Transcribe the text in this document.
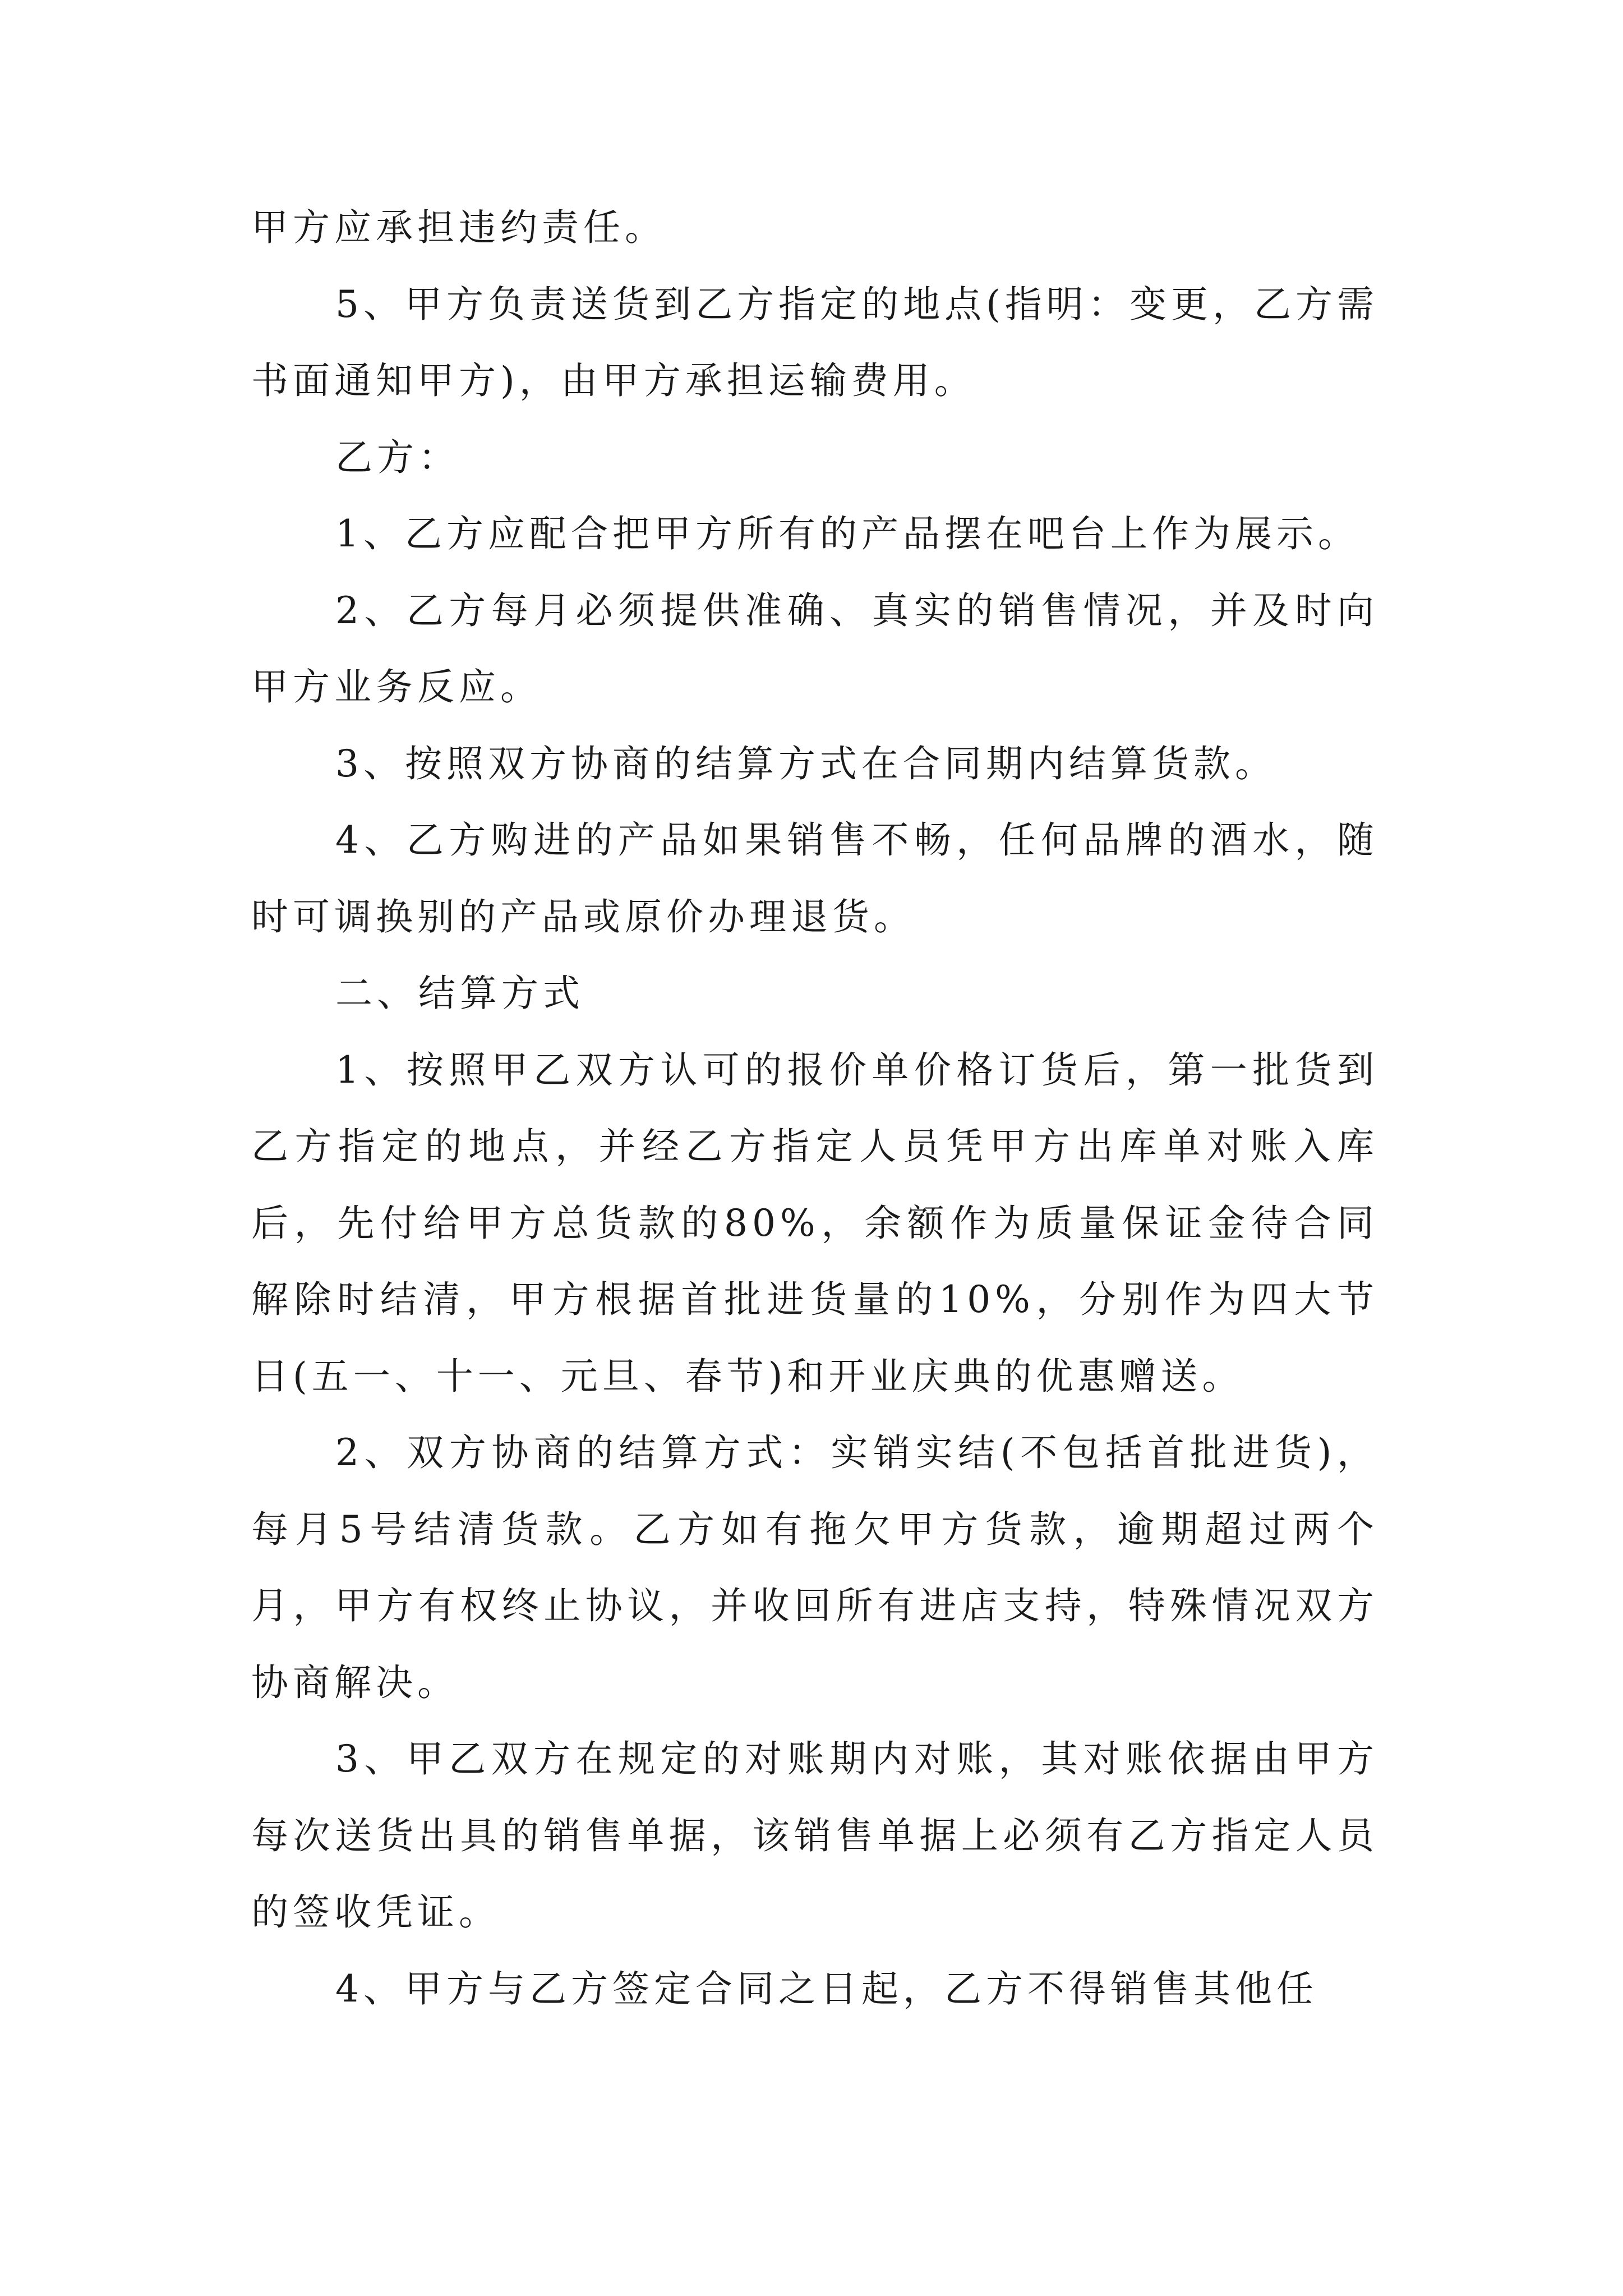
甲方应承担违约责任。

5、甲方负责送货到乙方指定的地点(指明：变更，乙方需书面通知甲方)，由甲方承担运输费用。

乙方：

1、乙方应配合把甲方所有的产品摆在吧台上作为展示。

2、乙方每月必须提供准确、真实的销售情况，并及时向甲方业务反应。

3、按照双方协商的结算方式在合同期内结算货款。

4、乙方购进的产品如果销售不畅，任何品牌的酒水，随时可调换别的产品或原价办理退货。

二、结算方式

1、按照甲乙双方认可的报价单价格订货后，第一批货到乙方指定的地点，并经乙方指定人员凭甲方出库单对账入库后，先付给甲方总货款的80%，余额作为质量保证金待合同解除时结清，甲方根据首批进货量的10%，分别作为四大节日(五一、十一、元旦、春节)和开业庆典的优惠赠送。

2、双方协商的结算方式：实销实结(不包括首批进货)，每月5号结清货款。乙方如有拖欠甲方货款，逾期超过两个月，甲方有权终止协议，并收回所有进店支持，特殊情况双方协商解决。

3、甲乙双方在规定的对账期内对账，其对账依据由甲方每次送货出具的销售单据，该销售单据上必须有乙方指定人员的签收凭证。

4、甲方与乙方签定合同之日起，乙方不得销售其他任
